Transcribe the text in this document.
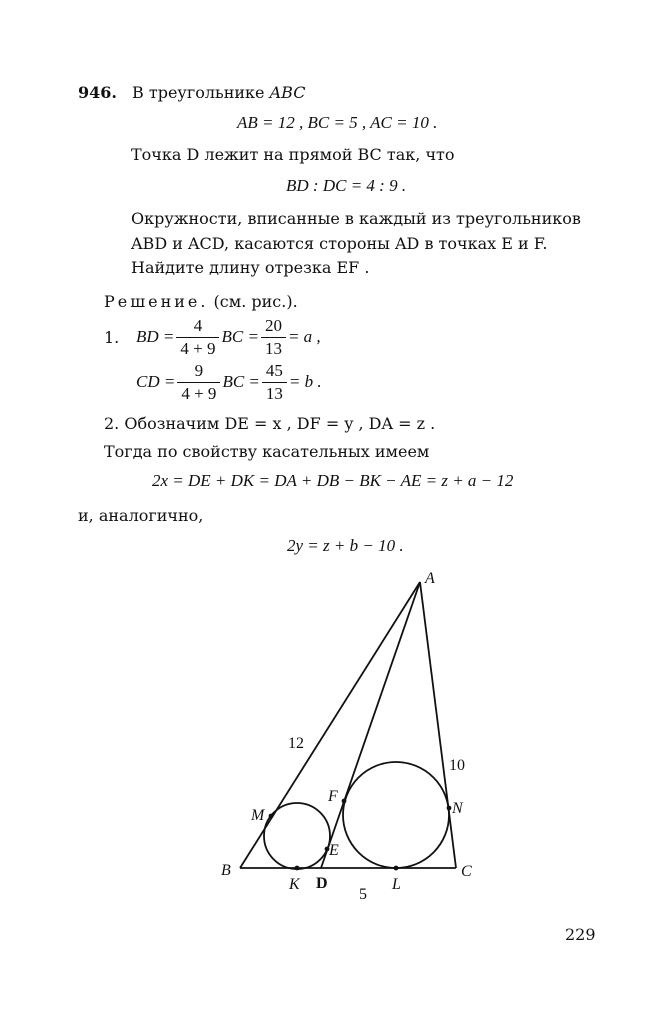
946. В треугольнике ABC
AB = 12 , BC = 5 , AC = 10 .
Точка D лежит на прямой BC так, что
BD : DC = 4 : 9 .
Окружности, вписанные в каждый из треугольников
ABD и ACD, касаются стороны AD в точках E и F.
Найдите длину отрезка EF .
Решение. (см. рис.).
1. BD = $\frac{4}{4 + 9}$ BC = $\frac{20}{13} = a$ ,
CD = $\frac{9}{4 + 9}$ BC = $\frac{45}{13} = b$ .
2. Обозначим DE = x , DF = y , DA = z .
Тогда по свойству касательных имеем
2x = DE + DK = DA + DB − BK − AE = z + a − 12
и, аналогично,
2y = z + b − 10 .
A
B	C
D
E
F
K	L
M	N
12
10
5
229
